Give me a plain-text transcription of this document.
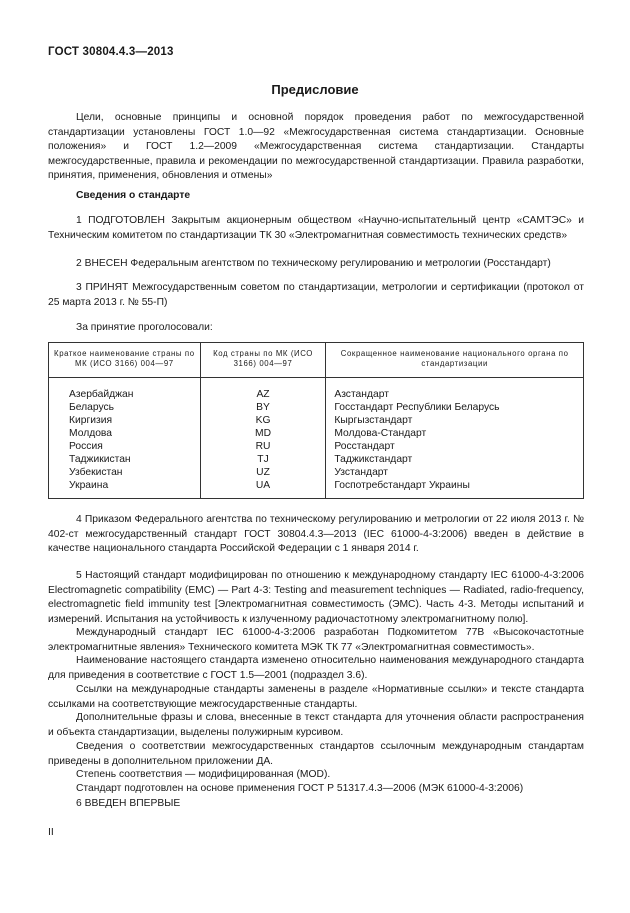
ГОСТ 30804.4.3—2013
Предисловие

Цели, основные принципы и основной порядок проведения работ по межгосударственной стандартизации установлены ГОСТ 1.0—92 «Межгосударственная система стандартизации. Основные положения» и ГОСТ 1.2—2009 «Межгосударственная система стандартизации. Стандарты межгосударственные, правила и рекомендации по межгосударственной стандартизации. Правила разработки, принятия, применения, обновления и отмены»

Сведения о стандарте

1 ПОДГОТОВЛЕН Закрытым акционерным обществом «Научно-испытательный центр «САМТЭС» и Техническим комитетом по стандартизации ТК 30 «Электромагнитная совместимость технических средств»

2 ВНЕСЕН Федеральным агентством по техническому регулированию и метрологии (Росстандарт)

3 ПРИНЯТ Межгосударственным советом по стандартизации, метрологии и сертификации (протокол от 25 марта 2013 г. № 55-П)

За принятие проголосовали:
Краткое наименование страны по МК (ИСО 3166) 004—97	Код страны по МК (ИСО 3166) 004—97	Сокращенное наименование национального органа по стандартизации
Азербайджан	AZ	Азстандарт
Беларусь	BY	Госстандарт Республики Беларусь
Киргизия	KG	Кыргызстандарт
Молдова	MD	Молдова-Стандарт
Россия	RU	Росстандарт
Таджикистан	TJ	Таджикстандарт
Узбекистан	UZ	Узстандарт
Украина	UA	Госпотребстандарт Украины

4 Приказом Федерального агентства по техническому регулированию и метрологии от 22 июля 2013 г. № 402-ст межгосударственный стандарт ГОСТ 30804.4.3—2013 (IEC 61000-4-3:2006) введен в действие в качестве национального стандарта Российской Федерации с 1 января 2014 г.

5 Настоящий стандарт модифицирован по отношению к международному стандарту IEC 61000-4-3:2006 Electromagnetic compatibility (EMC) — Part 4-3: Testing and measurement techniques — Radiated, radio-frequency, electromagnetic field immunity test [Электромагнитная совместимость (ЭМС). Часть 4-3. Методы испытаний и измерений. Испытания на устойчивость к излученному радиочастотному электромагнитному полю].

Международный стандарт IEC 61000-4-3:2006 разработан Подкомитетом 77В «Высокочастотные электромагнитные явления» Технического комитета МЭК ТК 77 «Электромагнитная совместимость».

Наименование настоящего стандарта изменено относительно наименования международного стандарта для приведения в соответствие с ГОСТ 1.5—2001 (подраздел 3.6).

Ссылки на международные стандарты заменены в разделе «Нормативные ссылки» и тексте стандарта ссылками на соответствующие межгосударственные стандарты.

Дополнительные фразы и слова, внесенные в текст стандарта для уточнения области распространения и объекта стандартизации, выделены полужирным курсивом.

Сведения о соответствии межгосударственных стандартов ссылочным международным стандартам приведены в дополнительном приложении ДА.

Степень соответствия — модифицированная (MOD).

Стандарт подготовлен на основе применения ГОСТ Р 51317.4.3—2006 (МЭК 61000-4-3:2006)

6 ВВЕДЕН ВПЕРВЫЕ

II
